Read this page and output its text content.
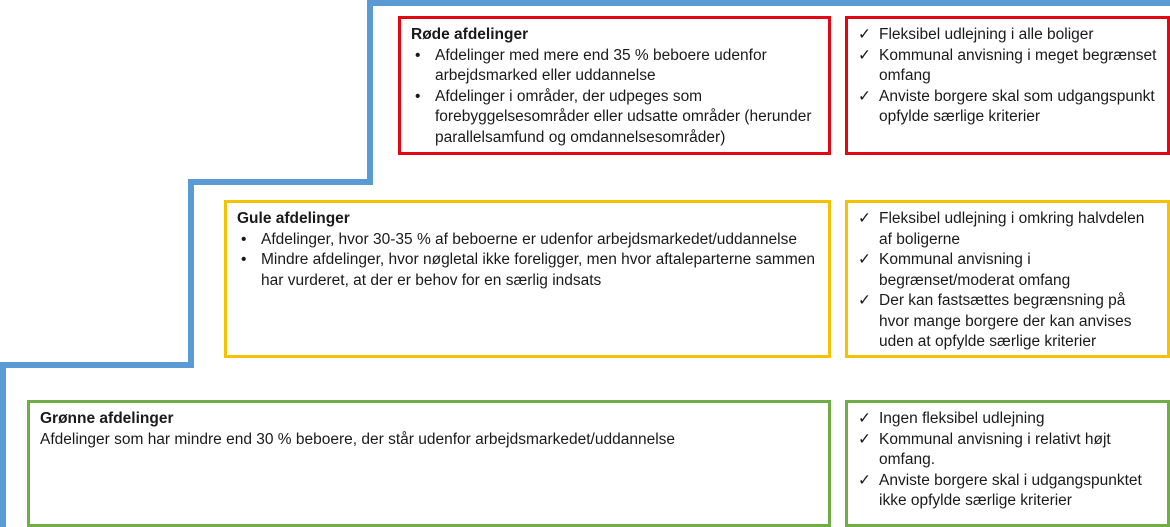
Røde afdelinger
• Afdelinger med mere end 35 % beboere udenfor arbejdsmarked eller uddannelse
• Afdelinger i områder, der udpeges som forebyggelsesområder eller udsatte områder (herunder parallelsamfund og omdannelsesområder)
✓ Fleksibel udlejning i alle boliger
✓ Kommunal anvisning i meget begrænset omfang
✓ Anviste borgere skal som udgangspunkt opfylde særlige kriterier
Gule afdelinger
• Afdelinger, hvor 30-35 % af beboerne er udenfor arbejdsmarkedet/uddannelse
• Mindre afdelinger, hvor nøgletal ikke foreligger, men hvor aftaleparterne sammen har vurderet, at der er behov for en særlig indsats
✓ Fleksibel udlejning i omkring halvdelen af boligerne
✓ Kommunal anvisning i begrænset/moderat omfang
✓ Der kan fastsættes begrænsning på hvor mange borgere der kan anvises uden at opfylde særlige kriterier
Grønne afdelinger

Afdelinger som har mindre end 30 % beboere, der står udenfor arbejdsmarkedet/uddannelse

✓ Ingen fleksibel udlejning
✓ Kommunal anvisning i relativt højt omfang.
✓ Anviste borgere skal i udgangspunktet ikke opfylde særlige kriterier
